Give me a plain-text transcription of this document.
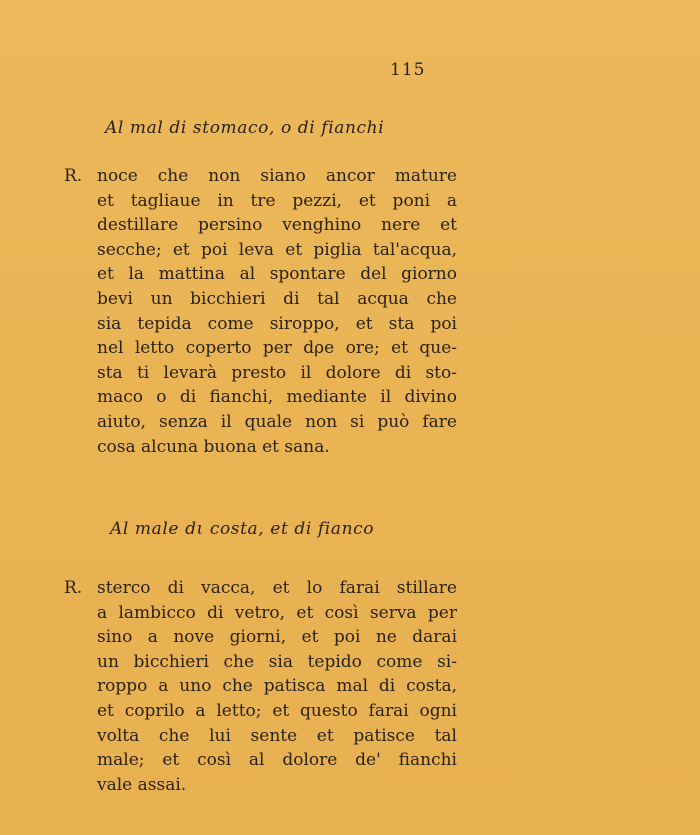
115
Al mal di stomaco, o di fianchi
R. noce che non siano ancor mature
et tagliaue in tre pezzi, et poni a
destillare persino venghino nere et
secche; et poi leva et piglia tal'acqua,
et la mattina al spontare del giorno
bevi un bicchieri di tal acqua che
sia tepida come siroppo, et sta poi
nel letto coperto per dρe ore; et que-
sta ti levarà presto il dolore di sto-
maco o di fianchi, mediante il divino
aiuto, senza il quale non si può fare
cosa alcuna buona et sana.
Al male dι costa, et di fianco
R. sterco di vacca, et lo farai stillare
a lambicco di vetro, et così serva per
sino a nove giorni, et poi ne darai
un bicchieri che sia tepido come si-
roppo a uno che patisca mal di costa,
et coprilo a letto; et questo farai ogni
volta che lui sente et patisce tal
male; et così al dolore de' fianchi
vale assai.
